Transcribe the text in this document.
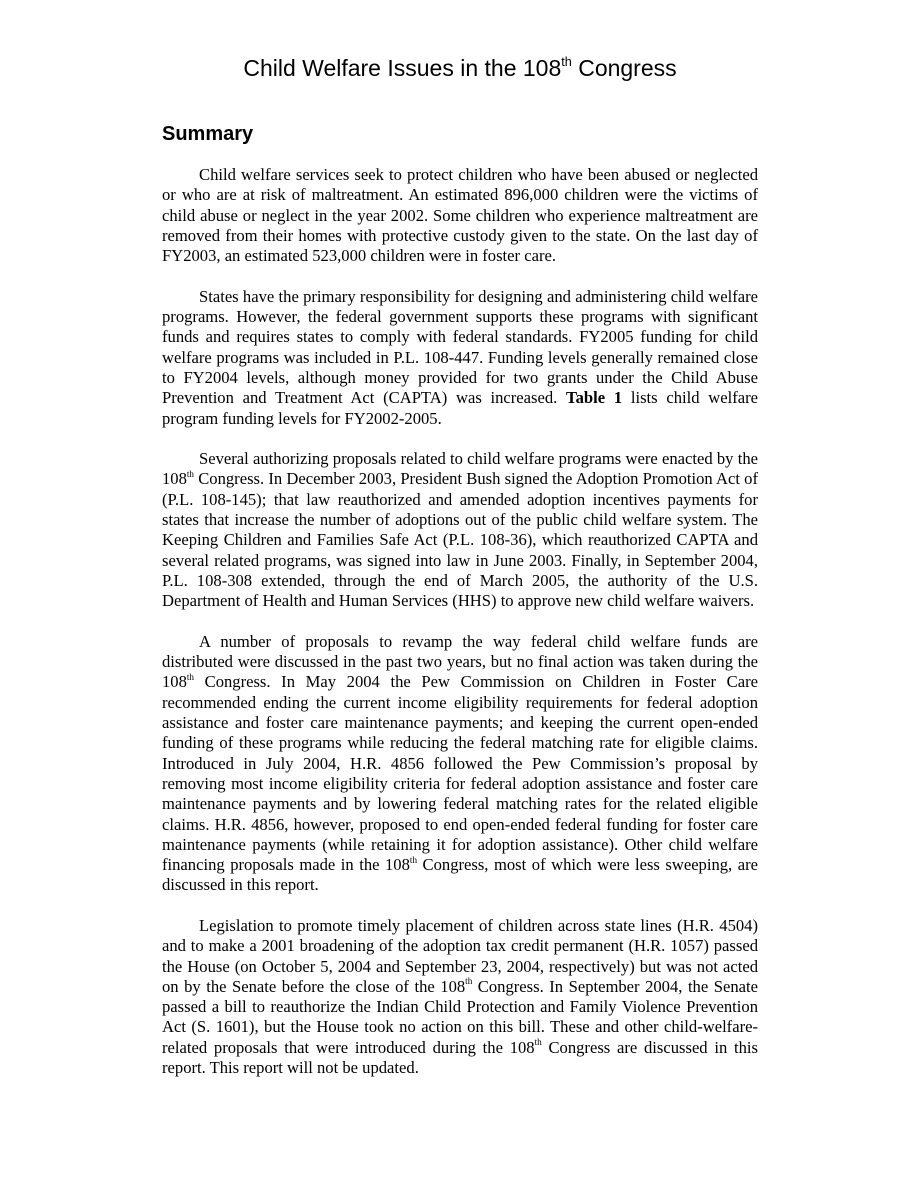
Child Welfare Issues in the 108th Congress
Summary

Child welfare services seek to protect children who have been abused or neglected or who are at risk of maltreatment. An estimated 896,000 children were the victims of child abuse or neglect in the year 2002. Some children who experience maltreatment are removed from their homes with protective custody given to the state. On the last day of FY2003, an estimated 523,000 children were in foster care.

States have the primary responsibility for designing and administering child welfare programs. However, the federal government supports these programs with significant funds and requires states to comply with federal standards. FY2005 funding for child welfare programs was included in P.L. 108-447. Funding levels generally remained close to FY2004 levels, although money provided for two grants under the Child Abuse Prevention and Treatment Act (CAPTA) was increased. Table 1 lists child welfare program funding levels for FY2002-2005.

Several authorizing proposals related to child welfare programs were enacted by the 108th Congress. In December 2003, President Bush signed the Adoption Promotion Act of (P.L. 108-145); that law reauthorized and amended adoption incentives payments for states that increase the number of adoptions out of the public child welfare system. The Keeping Children and Families Safe Act (P.L. 108-36), which reauthorized CAPTA and several related programs, was signed into law in June 2003. Finally, in September 2004, P.L. 108-308 extended, through the end of March 2005, the authority of the U.S. Department of Health and Human Services (HHS) to approve new child welfare waivers.

A number of proposals to revamp the way federal child welfare funds are distributed were discussed in the past two years, but no final action was taken during the 108th Congress. In May 2004 the Pew Commission on Children in Foster Care recommended ending the current income eligibility requirements for federal adoption assistance and foster care maintenance payments; and keeping the current open-ended funding of these programs while reducing the federal matching rate for eligible claims. Introduced in July 2004, H.R. 4856 followed the Pew Commission’s proposal by removing most income eligibility criteria for federal adoption assistance and foster care maintenance payments and by lowering federal matching rates for the related eligible claims. H.R. 4856, however, proposed to end open-ended federal funding for foster care maintenance payments (while retaining it for adoption assistance). Other child welfare financing proposals made in the 108th Congress, most of which were less sweeping, are discussed in this report.

Legislation to promote timely placement of children across state lines (H.R. 4504) and to make a 2001 broadening of the adoption tax credit permanent (H.R. 1057) passed the House (on October 5, 2004 and September 23, 2004, respectively) but was not acted on by the Senate before the close of the 108th Congress. In September 2004, the Senate passed a bill to reauthorize the Indian Child Protection and Family Violence Prevention Act (S. 1601), but the House took no action on this bill. These and other child-welfare-related proposals that were introduced during the 108th Congress are discussed in this report. This report will not be updated.
